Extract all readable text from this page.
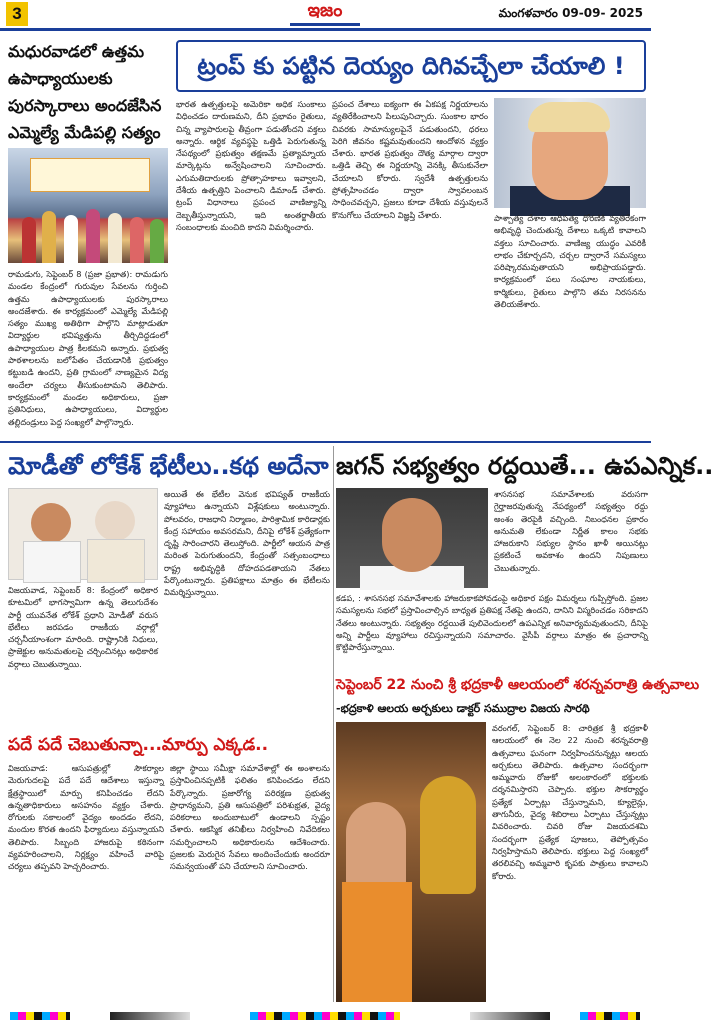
3	ఇజం	మంగళవారం 09-09- 2025
మధురవాడలో ఉత్తమ ఉపాధ్యాయులకు పురస్కారాలు అందజేసిన ఎమ్మెల్యే మేడిపల్లి సత్యం
రామడుగు, సెప్టెంబర్ 8 (ప్రజా ప్రభాత): రామడుగు మండల కేంద్రంలో గురువుల సేవలను గుర్తించి ఉత్తమ ఉపాధ్యాయులకు పురస్కారాలు అందజేశారు. ఈ కార్యక్రమంలో ఎమ్మెల్యే మేడిపల్లి సత్యం ముఖ్య అతిథిగా పాల్గొని మాట్లాడుతూ విద్యార్థుల భవిష్యత్తును తీర్చిదిద్దడంలో ఉపాధ్యాయుల పాత్ర కీలకమని అన్నారు. ప్రభుత్వ పాఠశాలలను బలోపేతం చేయడానికి ప్రభుత్వం కట్టుబడి ఉందని, ప్రతి గ్రామంలో నాణ్యమైన విద్య అందేలా చర్యలు తీసుకుంటామని తెలిపారు. కార్యక్రమంలో మండల అధికారులు, ప్రజా ప్రతినిధులు, ఉపాధ్యాయులు, విద్యార్థుల తల్లిదండ్రులు పెద్ద సంఖ్యలో పాల్గొన్నారు.
ట్రంప్ కు పట్టిన దెయ్యం దిగివచ్చేలా చేయాలి !
భారత ఉత్పత్తులపై అమెరికా అధిక సుంకాలు విధించడం దారుణమని, దీని ప్రభావం రైతులు, చిన్న వ్యాపారులపై తీవ్రంగా పడుతోందని వక్తలు అన్నారు. ఆర్థిక వ్యవస్థపై ఒత్తిడి పెరుగుతున్న నేపథ్యంలో ప్రభుత్వం తక్షణమే ప్రత్యామ్నాయ మార్కెట్లను అన్వేషించాలని సూచించారు. ఎగుమతిదారులకు ప్రోత్సాహకాలు ఇవ్వాలని, దేశీయ ఉత్పత్తిని పెంచాలని డిమాండ్ చేశారు. ట్రంప్ విధానాలు ప్రపంచ వాణిజ్యాన్ని దెబ్బతీస్తున్నాయని, ఇది అంతర్జాతీయ సంబంధాలకు మంచిది కాదని విమర్శించారు.
ప్రపంచ దేశాలు ఐక్యంగా ఈ ఏకపక్ష నిర్ణయాలను వ్యతిరేకించాలని పిలుపునిచ్చారు. సుంకాల భారం చివరకు సామాన్యులపైనే పడుతుందని, ధరలు పెరిగి జీవనం కష్టమవుతుందని ఆందోళన వ్యక్తం చేశారు. భారత ప్రభుత్వం దౌత్య మార్గాల ద్వారా ఒత్తిడి తెచ్చి ఈ నిర్ణయాన్ని వెనక్కి తీసుకునేలా చేయాలని కోరారు. స్వదేశీ ఉత్పత్తులను ప్రోత్సహించడం ద్వారా స్వావలంబన సాధించవచ్చని, ప్రజలు కూడా దేశీయ వస్తువులనే కొనుగోలు చేయాలని విజ్ఞప్తి చేశారు.	పాశ్చాత్య దేశాల ఆధిపత్య ధోరణికి వ్యతిరేకంగా అభివృద్ధి చెందుతున్న దేశాలు ఒక్కటి కావాలని వక్తలు సూచించారు. వాణిజ్య యుద్ధం ఎవరికీ లాభం చేకూర్చదని, చర్చల ద్వారానే సమస్యలు పరిష్కారమవుతాయని అభిప్రాయపడ్డారు. కార్యక్రమంలో పలు సంఘాల నాయకులు, కార్మికులు, రైతులు పాల్గొని తమ నిరసనను తెలియజేశారు.
మోడీతో లోకేశ్ భేటీలు..కథ అదేనా
విజయవాడ, సెప్టెంబర్ 8: కేంద్రంలో అధికార కూటమిలో భాగస్వామిగా ఉన్న తెలుగుదేశం పార్టీ యువనేత లోకేశ్ ప్రధాని మోడీతో వరుస భేటీలు జరపడం రాజకీయ వర్గాల్లో చర్చనీయాంశంగా మారింది. రాష్ట్రానికి నిధులు, ప్రాజెక్టుల అనుమతులపై చర్చించినట్లు అధికారిక వర్గాలు చెబుతున్నాయి.
అయితే ఈ భేటీల వెనుక భవిష్యత్ రాజకీయ వ్యూహాలు ఉన్నాయని విశ్లేషకులు అంటున్నారు. పోలవరం, రాజధాని నిర్మాణం, పారిశ్రామిక కారిడార్లకు కేంద్ర సహాయం అవసరమని, దీనిపై లోకేశ్ ప్రత్యేకంగా దృష్టి సారించారని తెలుస్తోంది. పార్టీలో ఆయన పాత్ర మరింత పెరుగుతుందని, కేంద్రంతో సత్సంబంధాలు రాష్ట్ర అభివృద్ధికి దోహదపడతాయని నేతలు పేర్కొంటున్నారు. ప్రతిపక్షాలు మాత్రం ఈ భేటీలను విమర్శిస్తున్నాయి.
జగన్ సభ్యత్వం రద్దయితే... ఉపఎన్నిక..
శాసనసభ సమావేశాలకు వరుసగా గైర్హాజరవుతున్న నేపథ్యంలో సభ్యత్వం రద్దు అంశం తెరపైకి వచ్చింది. నిబంధనల ప్రకారం అనుమతి లేకుండా నిర్ణీత కాలం సభకు హాజరుకాని సభ్యుల స్థానం ఖాళీ అయినట్లు ప్రకటించే అవకాశం ఉందని నిపుణులు చెబుతున్నారు.
కడప, : శాసనసభ సమావేశాలకు హాజరుకాకపోవడంపై అధికార పక్షం విమర్శలు గుప్పిస్తోంది. ప్రజల సమస్యలను సభలో ప్రస్తావించాల్సిన బాధ్యత ప్రతిపక్ష నేతపై ఉందని, దానిని విస్మరించడం సరికాదని నేతలు అంటున్నారు. సభ్యత్వం రద్దయితే పులివెందులలో ఉపఎన్నిక అనివార్యమవుతుందని, దీనిపై అన్ని పార్టీలు వ్యూహాలు రచిస్తున్నాయని సమాచారం. వైసీపీ వర్గాలు మాత్రం ఈ ప్రచారాన్ని కొట్టిపారేస్తున్నాయి.
సెప్టెంబర్ 22 నుంచి శ్రీ భద్రకాళీ ఆలయంలో శరన్నవరాత్రి ఉత్సవాలు
-భద్రకాళి ఆలయ అర్చకులు డాక్టర్ సముద్రాల విజయ సారథి
వరంగల్, సెప్టెంబర్ 8: చారిత్రక శ్రీ భద్రకాళీ ఆలయంలో ఈ నెల 22 నుంచి శరన్నవరాత్రి ఉత్సవాలు ఘనంగా నిర్వహించనున్నట్లు ఆలయ అర్చకులు తెలిపారు. ఉత్సవాల సందర్భంగా అమ్మవారు రోజుకో అలంకారంలో భక్తులకు దర్శనమిస్తారని చెప్పారు. భక్తుల సౌకర్యార్థం ప్రత్యేక ఏర్పాట్లు చేస్తున్నామని, క్యూలైన్లు, తాగునీరు, వైద్య శిబిరాలు ఏర్పాటు చేస్తున్నట్లు వివరించారు. చివరి రోజు విజయదశమి సందర్భంగా ప్రత్యేక పూజలు, తెప్పోత్సవం నిర్వహిస్తామని తెలిపారు. భక్తులు పెద్ద సంఖ్యలో తరలివచ్చి అమ్మవారి కృపకు పాత్రులు కావాలని కోరారు.
పదే పదే చెబుతున్నా...మార్పు ఎక్కడ..
విజయవాడ: ఆసుపత్రుల్లో సౌకర్యాల మెరుగుదలపై పదే పదే ఆదేశాలు ఇస్తున్నా క్షేత్రస్థాయిలో మార్పు కనిపించడం లేదని ఉన్నతాధికారులు అసహనం వ్యక్తం చేశారు. రోగులకు సకాలంలో వైద్యం అందడం లేదని, మందుల కొరత ఉందని ఫిర్యాదులు వస్తున్నాయని తెలిపారు. సిబ్బంది హాజరుపై కఠినంగా వ్యవహరించాలని, నిర్లక్ష్యం వహించే వారిపై చర్యలు తప్పవని హెచ్చరించారు.
జిల్లా స్థాయి సమీక్షా సమావేశాల్లో ఈ అంశాలను ప్రస్తావించినప్పటికీ ఫలితం కనిపించడం లేదని పేర్కొన్నారు. ప్రజారోగ్య పరిరక్షణ ప్రభుత్వ ప్రాధాన్యమని, ప్రతి ఆసుపత్రిలో పరిశుభ్రత, వైద్య పరికరాలు అందుబాటులో ఉండాలని స్పష్టం చేశారు. ఆకస్మిక తనిఖీలు నిర్వహించి నివేదికలు సమర్పించాలని అధికారులను ఆదేశించారు. ప్రజలకు మెరుగైన సేవలు అందించేందుకు అందరూ సమన్వయంతో పని చేయాలని సూచించారు.
